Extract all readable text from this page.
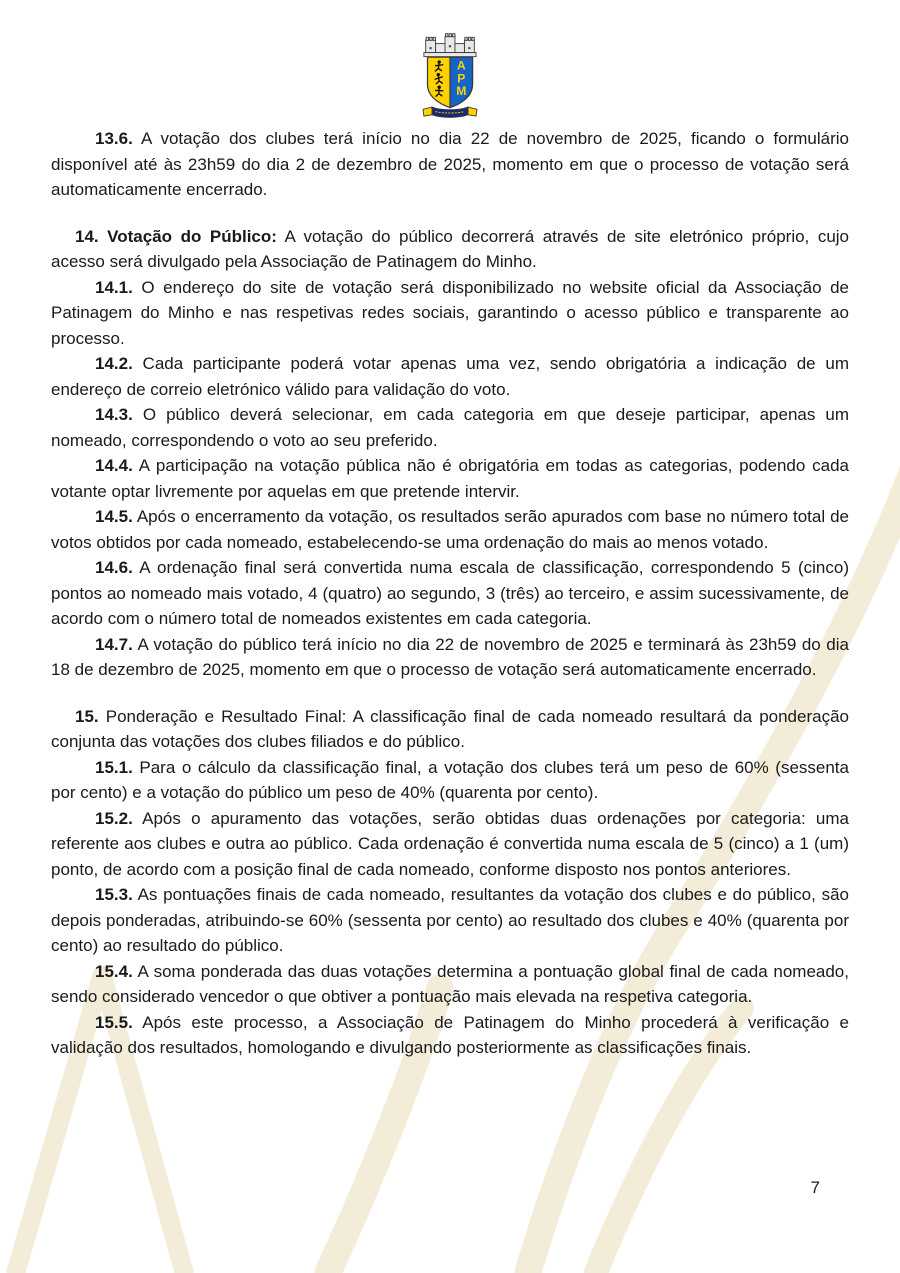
A
P
M

13.6. A votação dos clubes terá início no dia 22 de novembro de 2025, ficando o formulário disponível até às 23h59 do dia 2 de dezembro de 2025, momento em que o processo de votação será automaticamente encerrado.

14. Votação do Público: A votação do público decorrerá através de site eletrónico próprio, cujo acesso será divulgado pela Associação de Patinagem do Minho.

14.1. O endereço do site de votação será disponibilizado no website oficial da Associação de Patinagem do Minho e nas respetivas redes sociais, garantindo o acesso público e transparente ao processo.

14.2. Cada participante poderá votar apenas uma vez, sendo obrigatória a indicação de um endereço de correio eletrónico válido para validação do voto.

14.3. O público deverá selecionar, em cada categoria em que deseje participar, apenas um nomeado, correspondendo o voto ao seu preferido.

14.4. A participação na votação pública não é obrigatória em todas as categorias, podendo cada votante optar livremente por aquelas em que pretende intervir.

14.5. Após o encerramento da votação, os resultados serão apurados com base no número total de votos obtidos por cada nomeado, estabelecendo-se uma ordenação do mais ao menos votado.

14.6. A ordenação final será convertida numa escala de classificação, correspondendo 5 (cinco) pontos ao nomeado mais votado, 4 (quatro) ao segundo, 3 (três) ao terceiro, e assim sucessivamente, de acordo com o número total de nomeados existentes em cada categoria.

14.7. A votação do público terá início no dia 22 de novembro de 2025 e terminará às 23h59 do dia 18 de dezembro de 2025, momento em que o processo de votação será automaticamente encerrado.

15. Ponderação e Resultado Final: A classificação final de cada nomeado resultará da ponderação conjunta das votações dos clubes filiados e do público.

15.1. Para o cálculo da classificação final, a votação dos clubes terá um peso de 60% (sessenta por cento) e a votação do público um peso de 40% (quarenta por cento).

15.2. Após o apuramento das votações, serão obtidas duas ordenações por categoria: uma referente aos clubes e outra ao público. Cada ordenação é convertida numa escala de 5 (cinco) a 1 (um) ponto, de acordo com a posição final de cada nomeado, conforme disposto nos pontos anteriores.

15.3. As pontuações finais de cada nomeado, resultantes da votação dos clubes e do público, são depois ponderadas, atribuindo-se 60% (sessenta por cento) ao resultado dos clubes e 40% (quarenta por cento) ao resultado do público.

15.4. A soma ponderada das duas votações determina a pontuação global final de cada nomeado, sendo considerado vencedor o que obtiver a pontuação mais elevada na respetiva categoria.

15.5. Após este processo, a Associação de Patinagem do Minho procederá à verificação e validação dos resultados, homologando e divulgando posteriormente as classificações finais.

7
